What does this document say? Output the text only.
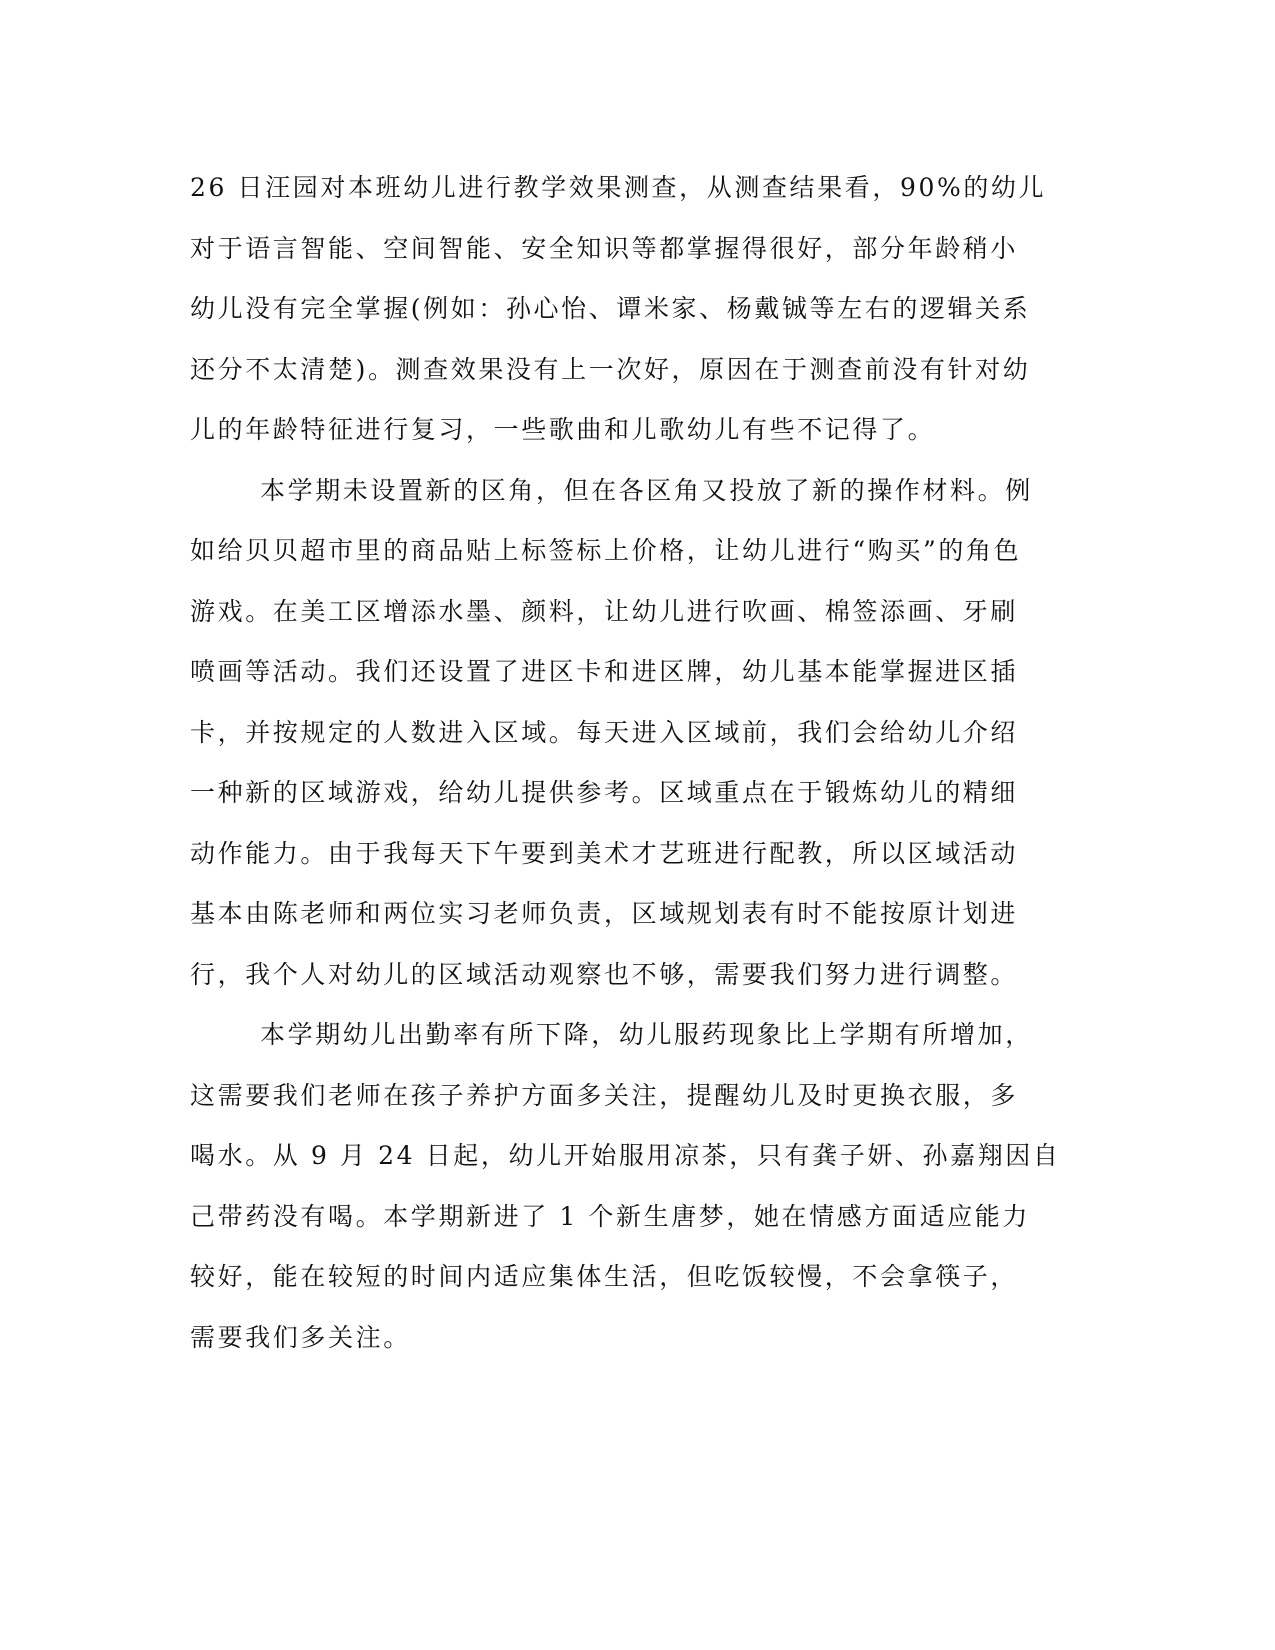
26 日汪园对本班幼儿进行教学效果测查，从测查结果看，90%的幼儿
对于语言智能、空间智能、安全知识等都掌握得很好，部分年龄稍小
幼儿没有完全掌握(例如：孙心怡、谭米家、杨戴铖等左右的逻辑关系
还分不太清楚)。测查效果没有上一次好，原因在于测查前没有针对幼
儿的年龄特征进行复习，一些歌曲和儿歌幼儿有些不记得了。

本学期未设置新的区角，但在各区角又投放了新的操作材料。例
如给贝贝超市里的商品贴上标签标上价格，让幼儿进行“购买”的角色
游戏。在美工区增添水墨、颜料，让幼儿进行吹画、棉签添画、牙刷
喷画等活动。我们还设置了进区卡和进区牌，幼儿基本能掌握进区插
卡，并按规定的人数进入区域。每天进入区域前，我们会给幼儿介绍
一种新的区域游戏，给幼儿提供参考。区域重点在于锻炼幼儿的精细
动作能力。由于我每天下午要到美术才艺班进行配教，所以区域活动
基本由陈老师和两位实习老师负责，区域规划表有时不能按原计划进
行，我个人对幼儿的区域活动观察也不够，需要我们努力进行调整。

本学期幼儿出勤率有所下降，幼儿服药现象比上学期有所增加，
这需要我们老师在孩子养护方面多关注，提醒幼儿及时更换衣服，多
喝水。从 9 月 24 日起，幼儿开始服用凉茶，只有龚子妍、孙嘉翔因自
己带药没有喝。本学期新进了 1 个新生唐梦，她在情感方面适应能力
较好，能在较短的时间内适应集体生活，但吃饭较慢，不会拿筷子，
需要我们多关注。
